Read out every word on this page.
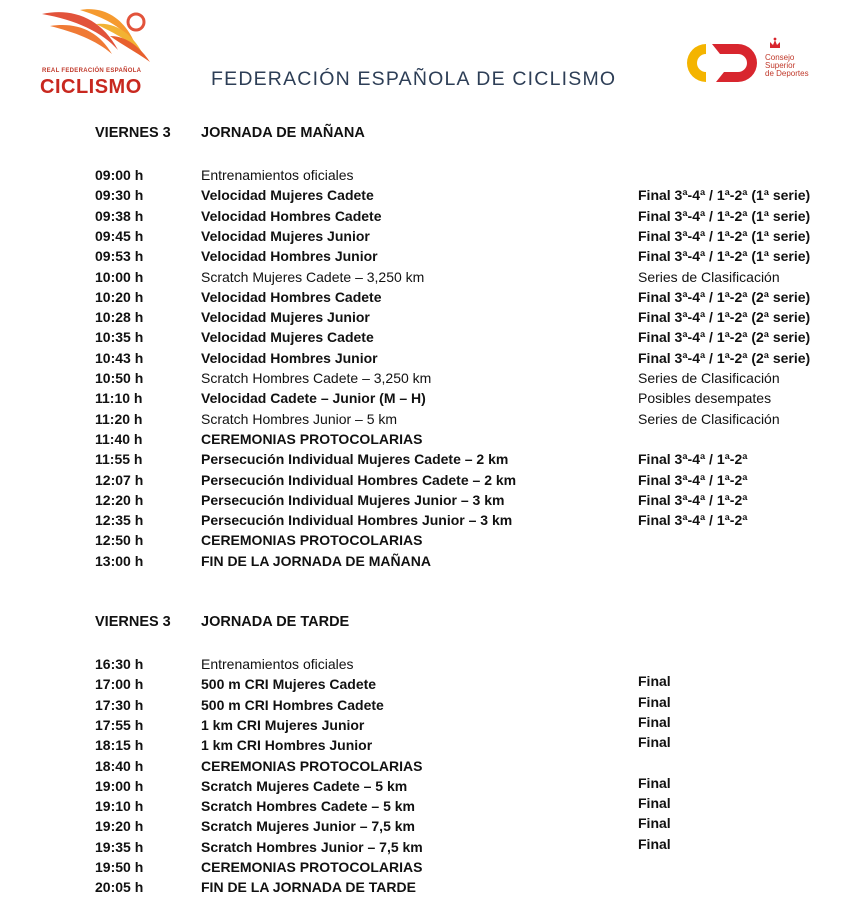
REAL FEDERACIÓN ESPAÑOLA
CICLISMO	FEDERACIÓN ESPAÑOLA DE CICLISMO
Consejo
Superior
de Deportes
VIERNES 3 JORNADA DE MAÑANA
09:00 h	Entrenamientos oficiales
09:30 h	Velocidad Mujeres Cadete	Final 3ª-4ª / 1ª-2ª (1ª serie)
09:38 h	Velocidad Hombres Cadete	Final 3ª-4ª / 1ª-2ª (1ª serie)
09:45 h	Velocidad Mujeres Junior	Final 3ª-4ª / 1ª-2ª (1ª serie)
09:53 h	Velocidad Hombres Junior	Final 3ª-4ª / 1ª-2ª (1ª serie)
10:00 h	Scratch Mujeres Cadete – 3,250 km	Series de Clasificación
10:20 h	Velocidad Hombres Cadete	Final 3ª-4ª / 1ª-2ª (2ª serie)
10:28 h	Velocidad Mujeres Junior	Final 3ª-4ª / 1ª-2ª (2ª serie)
10:35 h	Velocidad Mujeres Cadete	Final 3ª-4ª / 1ª-2ª (2ª serie)
10:43 h	Velocidad Hombres Junior	Final 3ª-4ª / 1ª-2ª (2ª serie)
10:50 h	Scratch Hombres Cadete – 3,250 km	Series de Clasificación
11:10 h	Velocidad Cadete – Junior (M – H)	Posibles desempates
11:20 h	Scratch Hombres Junior – 5 km	Series de Clasificación
11:40 h	CEREMONIAS PROTOCOLARIAS
11:55 h	Persecución Individual Mujeres Cadete – 2 km	Final 3ª-4ª / 1ª-2ª
12:07 h	Persecución Individual Hombres Cadete – 2 km	Final 3ª-4ª / 1ª-2ª
12:20 h	Persecución Individual Mujeres Junior – 3 km	Final 3ª-4ª / 1ª-2ª
12:35 h	Persecución Individual Hombres Junior – 3 km	Final 3ª-4ª / 1ª-2ª
12:50 h	CEREMONIAS PROTOCOLARIAS
13:00 h	FIN DE LA JORNADA DE MAÑANA
VIERNES 3 JORNADA DE TARDE
16:30 h	Entrenamientos oficiales
17:00 h	500 m CRI Mujeres Cadete	Final
17:30 h	500 m CRI Hombres Cadete	Final
17:55 h	1 km CRI Mujeres Junior	Final
18:15 h	1 km CRI Hombres Junior	Final
18:40 h	CEREMONIAS PROTOCOLARIAS
19:00 h	Scratch Mujeres Cadete – 5 km	Final
19:10 h	Scratch Hombres Cadete – 5 km	Final
19:20 h	Scratch Mujeres Junior – 7,5 km	Final
19:35 h	Scratch Hombres Junior – 7,5 km	Final
19:50 h	CEREMONIAS PROTOCOLARIAS
20:05 h	FIN DE LA JORNADA DE TARDE
